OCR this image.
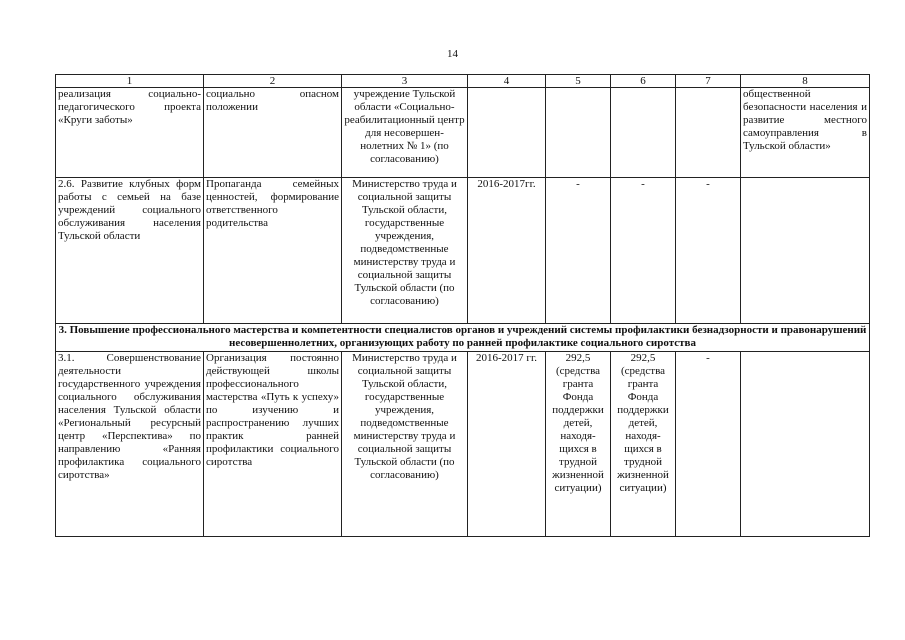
14
1	2	3	4	5	6	7	8
реализация социально-педагогического проекта «Круги заботы»	социально опасном положении	учреждение Тульской области «Социально-реабилитационный центр для несовершен-нолетних № 1» (по согласованию)					общественной безопасности населения и развитие местного самоуправления в Тульской области»
2.6. Развитие клубных форм работы с семьей на базе учреждений социального обслуживания населения Тульской области	Пропаганда семейных ценностей, формирование ответственного родительства	Министерство труда и социальной защиты Тульской области, государственные учреждения, подведомственные министерству труда и социальной защиты Тульской области (по согласованию)	2016-2017гг.	-	-	-	
3. Повышение профессионального мастерства и компетентности специалистов органов и учреждений системы профилактики безнадзорности и правонарушений несовершеннолетних, организующих работу по ранней профилактике социального сиротства							
3.1. Совершенствование деятельности государственного учреждения социального обслуживания населения Тульской области «Региональный ресурсный центр «Перспектива» по направлению «Ранняя профилактика социального сиротства»	Организация постоянно действующей школы профессионального мастерства «Путь к успеху» по изучению и распространению лучших практик ранней профилактики социального сиротства	Министерство труда и социальной защиты Тульской области, государственные учреждения, подведомственные министерству труда и социальной защиты Тульской области (по согласованию)	2016-2017 гг.	292,5 (средства гранта Фонда поддержки детей, находя-щихся в трудной жизненной ситуации)	292,5 (средства гранта Фонда поддержки детей, находя-щихся в трудной жизненной ситуации)	-	
